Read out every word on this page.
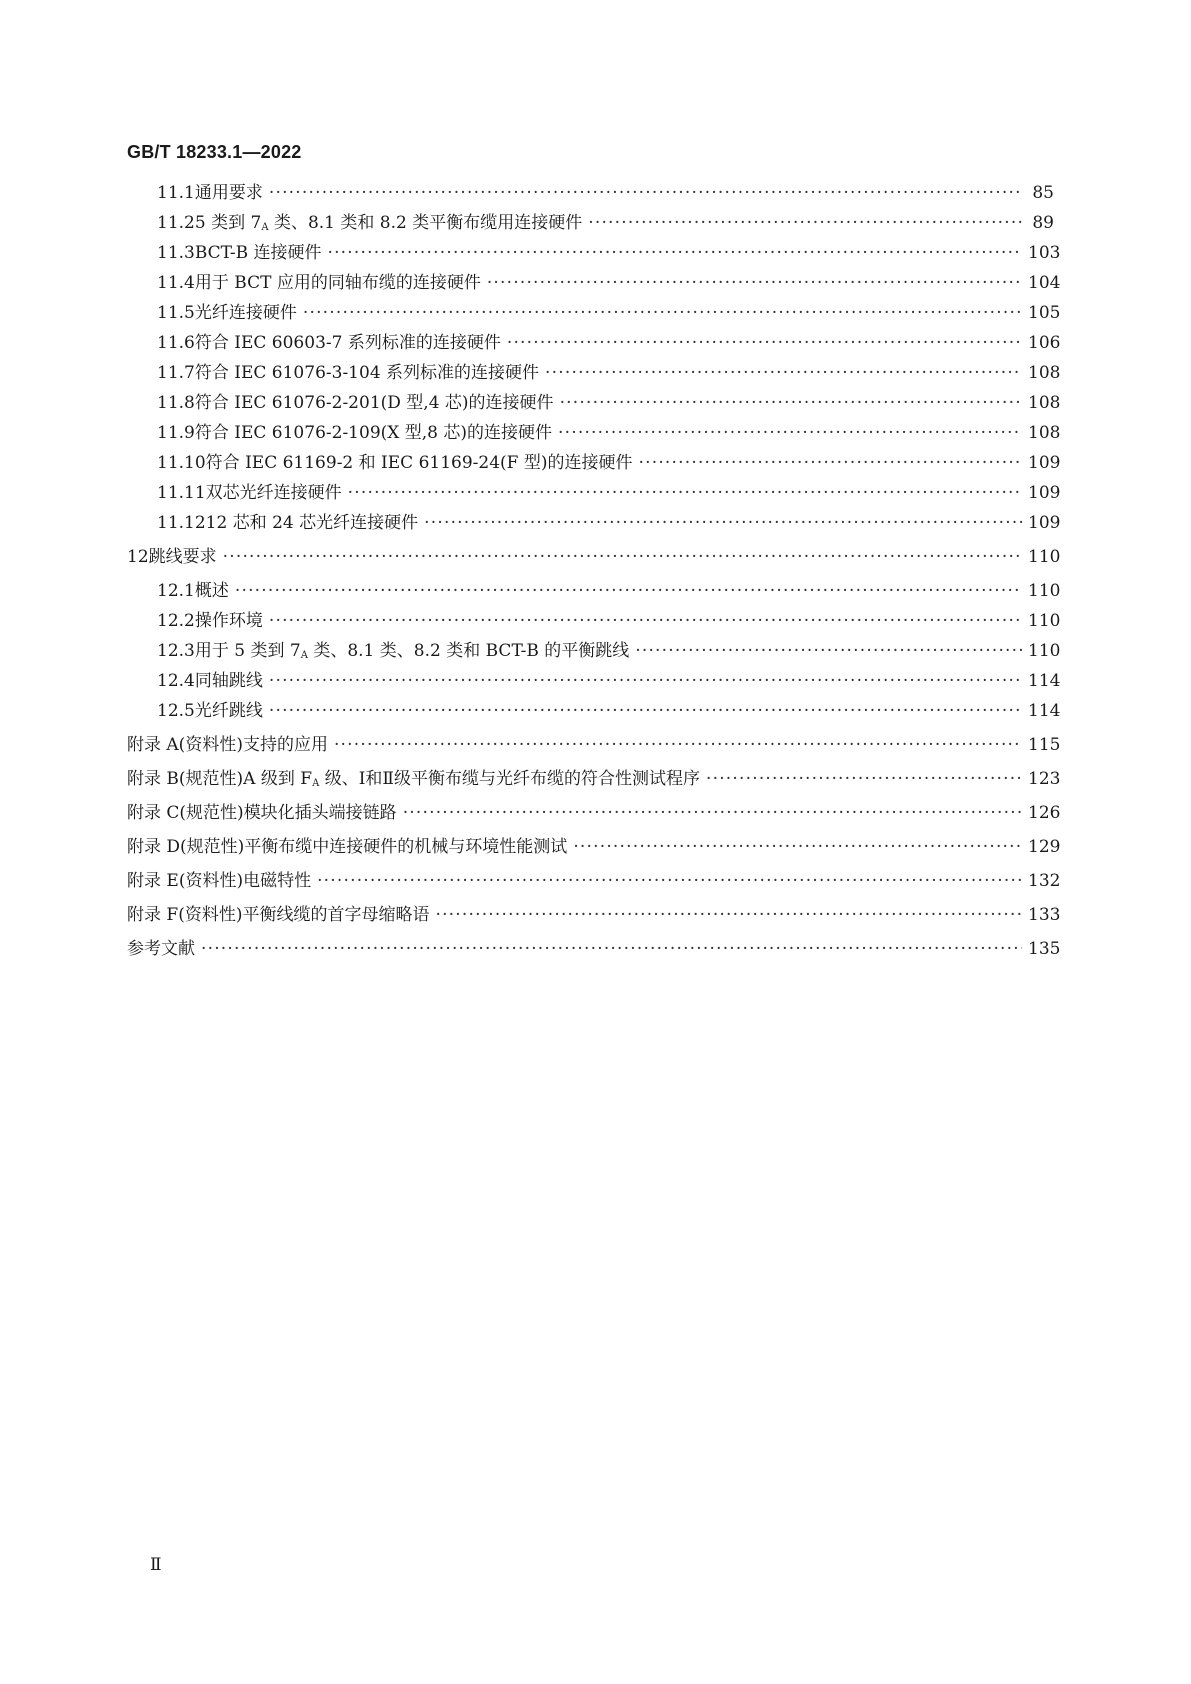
GB/T 18233.1—2022
11.1 通用要求 ·····	85
11.2 5 类到 $7_A$ 类、8.1 类和 8.2 类平衡布缆用连接硬件 ·····	89
11.3 BCT-B 连接硬件 ·····	103
11.4 用于 BCT 应用的同轴布缆的连接硬件 ·····	104
11.5 光纤连接硬件 ·····	105
11.6 符合 IEC 60603-7 系列标准的连接硬件 ·····	106
11.7 符合 IEC 61076-3-104 系列标准的连接硬件 ·····	108
11.8 符合 IEC 61076-2-201(D 型,4 芯)的连接硬件 ·····	108
11.9 符合 IEC 61076-2-109(X 型,8 芯)的连接硬件 ·····	108
11.10 符合 IEC 61169-2 和 IEC 61169-24(F 型)的连接硬件 ·····	109
11.11 双芯光纤连接硬件 ·····	109
11.12 12 芯和 24 芯光纤连接硬件 ·····	109
12 跳线要求 ·····	110
12.1 概述 ·····	110
12.2 操作环境 ·····	110
12.3 用于 5 类到 $7_A$ 类、8.1 类、8.2 类和 BCT-B 的平衡跳线 ·····	110
12.4 同轴跳线 ·····	114
12.5 光纤跳线 ·····	114
附录 A(资料性) 支持的应用 ·····	115
附录 B(规范性) A 级到 $F_A$ 级、Ⅰ和Ⅱ级平衡布缆与光纤布缆的符合性测试程序 ·····	123
附录 C(规范性) 模块化插头端接链路 ·····	126
附录 D(规范性) 平衡布缆中连接硬件的机械与环境性能测试 ·····	129
附录 E(资料性) 电磁特性 ·····	132
附录 F(资料性) 平衡线缆的首字母缩略语 ·····	133
参考文献 ·····	135
Ⅱ
